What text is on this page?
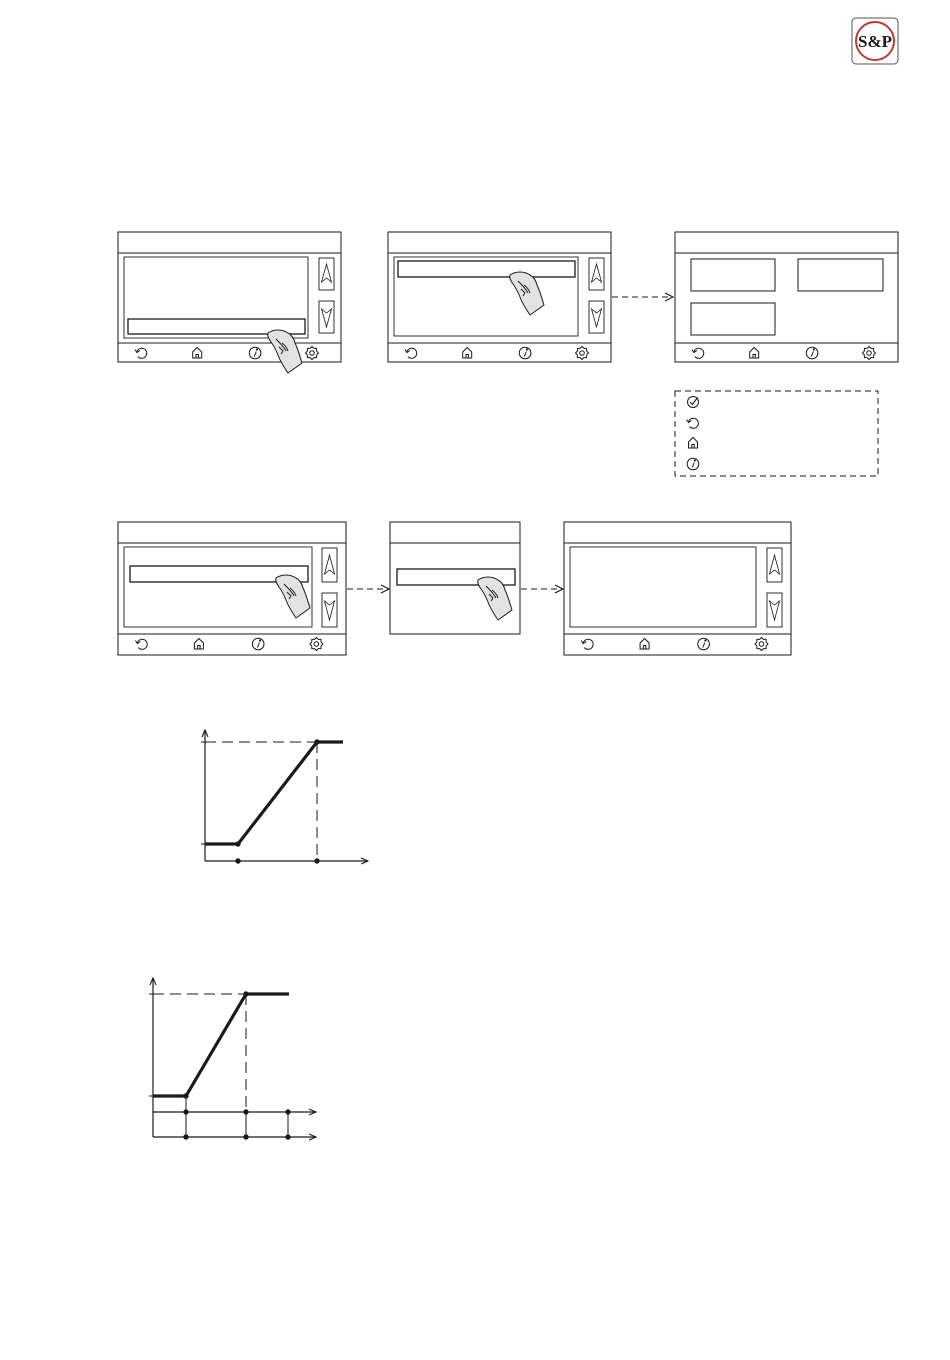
S&P
